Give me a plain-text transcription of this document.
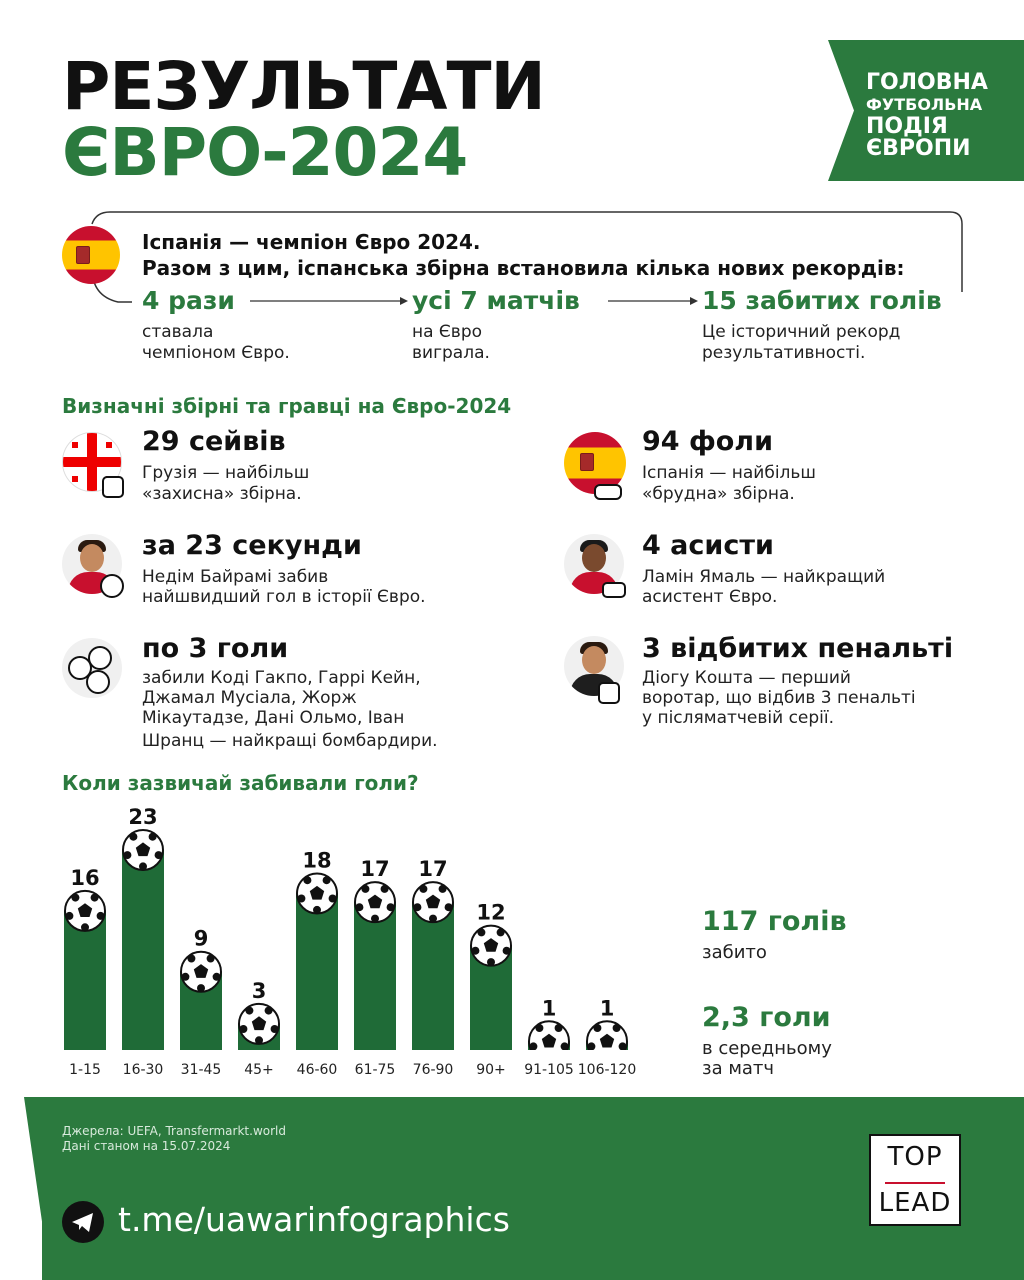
РЕЗУЛЬТАТИ
ЄВРО-2024
ГОЛОВНА
ФУТБОЛЬНА
ПОДІЯ
ЄВРОПИ
Іспанія — чемпіон Євро 2024.
Разом з цим, іспанська збірна встановила кілька нових рекордів:
4 рази
ставала
чемпіоном Євро.
усі 7 матчів
на Євро
виграла.
15 забитих голів
Це історичний рекорд
результативності.
Визначні збірні та гравці на Євро-2024
29 сейвів
Грузія — найбільш
«захисна» збірна.
за 23 секунди
Недім Байрамі забив
найшвидший гол в історії Євро.
по 3 голи
забили Коді Гакпо, Гаррі Кейн,
Джамал Мусіала, Жорж
Мікаутадзе, Дані Ольмо, Іван
Шранц — найкращі бомбардири.
94 фоли
Іспанія — найбільш
«брудна» збірна.
4 асисти
Ламін Ямаль — найкращий
асистент Євро.
3 відбитих пенальті
Діогу Кошта — перший
воротар, що відбив 3 пенальті
у післяматчевій серії.
Коли зазвичай забивали голи?
16
1-15
23
16-30
9
31-45
3
45+
18
46-60
17
61-75
17
76-90
12
90+
1
91-105
1
106-120
117 голів
забито
2,3 голи
в середньому
за матч
Джерела: UEFA, Transfermarkt.world
Дані станом на 15.07.2024
t.me/uawarinfographics
TOP
LEAD
